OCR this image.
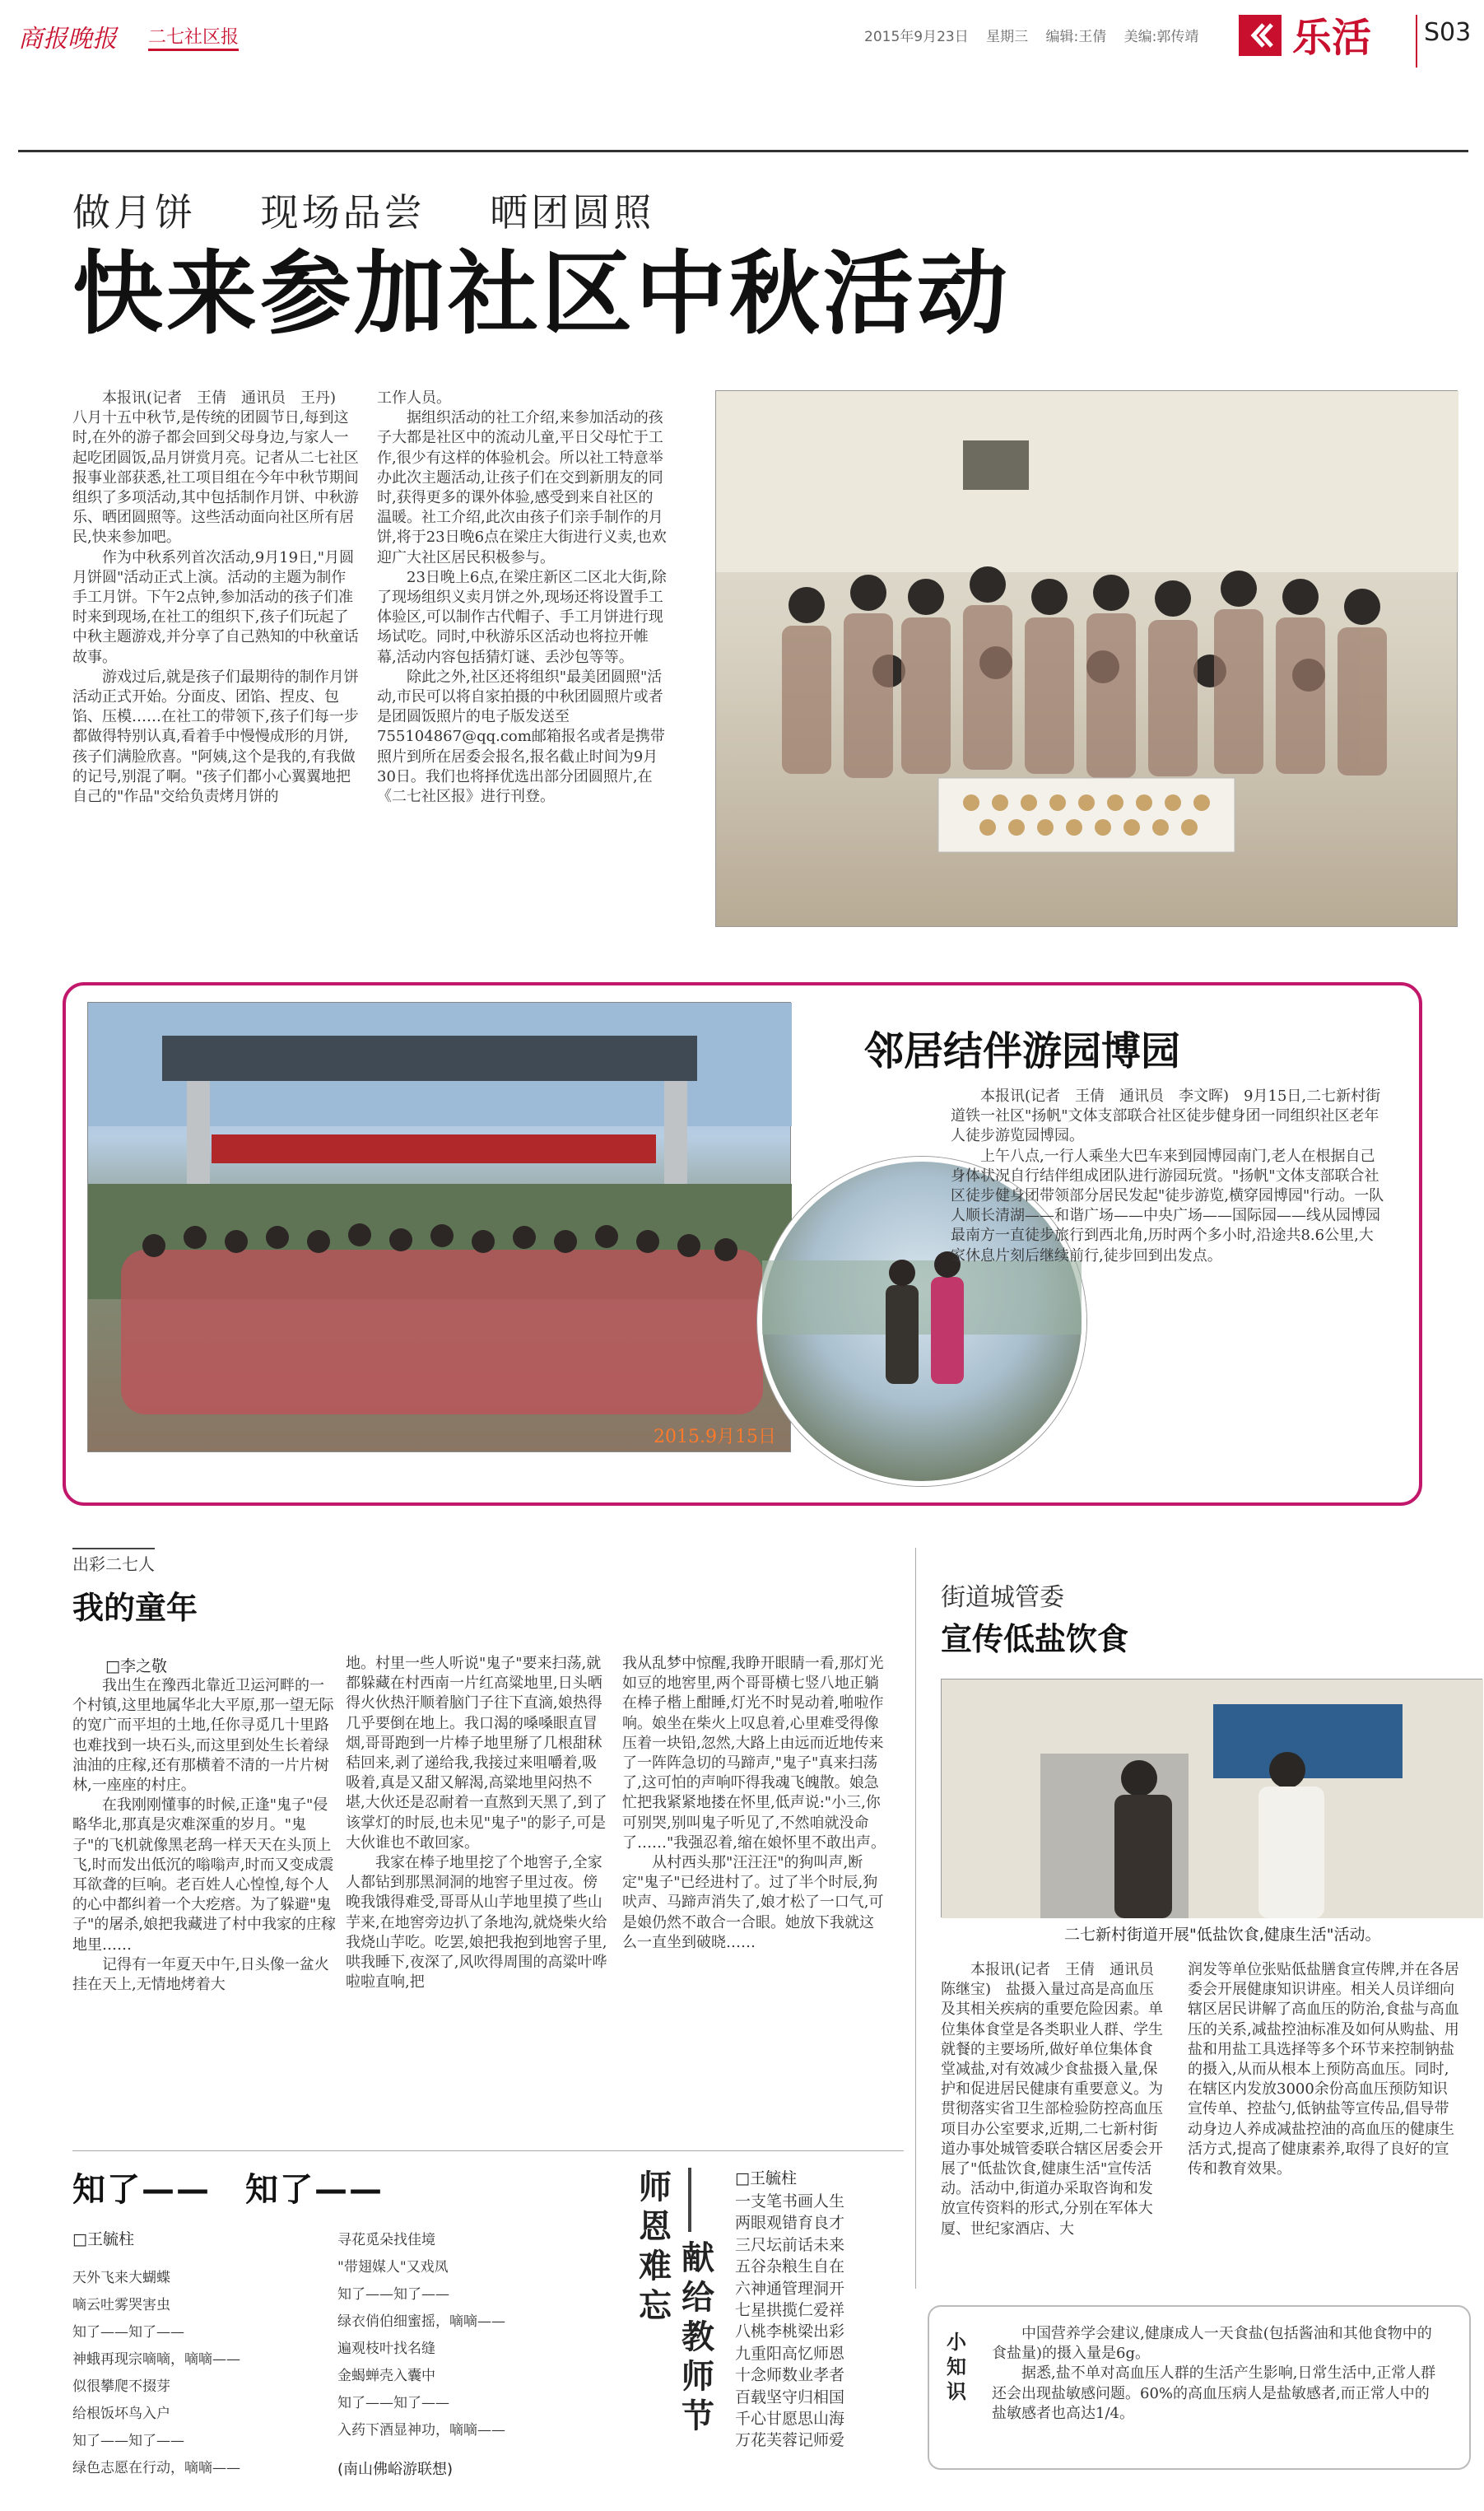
商报晚报 二七社区报	2015年9月23日 星期三 编辑:王倩 美编:郭传靖	乐活 S03
做月饼 现场品尝 晒团圆照
快来参加社区中秋活动

本报讯(记者　王倩　通讯员　王丹)　八月十五中秋节,是传统的团圆节日,每到这时,在外的游子都会回到父母身边,与家人一起吃团圆饭,品月饼赏月亮。记者从二七社区报事业部获悉,社工项目组在今年中秋节期间组织了多项活动,其中包括制作月饼、中秋游乐、晒团圆照等。这些活动面向社区所有居民,快来参加吧。

作为中秋系列首次活动,9月19日,"月圆月饼圆"活动正式上演。活动的主题为制作手工月饼。下午2点钟,参加活动的孩子们准时来到现场,在社工的组织下,孩子们玩起了中秋主题游戏,并分享了自己熟知的中秋童话故事。

游戏过后,就是孩子们最期待的制作月饼活动正式开始。分面皮、团馅、捏皮、包馅、压模……在社工的带领下,孩子们每一步都做得特别认真,看着手中慢慢成形的月饼,孩子们满脸欣喜。"阿姨,这个是我的,有我做的记号,别混了啊。"孩子们都小心翼翼地把自己的"作品"交给负责烤月饼的

工作人员。

据组织活动的社工介绍,来参加活动的孩子大都是社区中的流动儿童,平日父母忙于工作,很少有这样的体验机会。所以社工特意举办此次主题活动,让孩子们在交到新朋友的同时,获得更多的课外体验,感受到来自社区的温暖。社工介绍,此次由孩子们亲手制作的月饼,将于23日晚6点在梁庄大街进行义卖,也欢迎广大社区居民积极参与。

23日晚上6点,在梁庄新区二区北大街,除了现场组织义卖月饼之外,现场还将设置手工体验区,可以制作古代帽子、手工月饼进行现场试吃。同时,中秋游乐区活动也将拉开帷幕,活动内容包括猜灯谜、丢沙包等等。

除此之外,社区还将组织"最美团圆照"活动,市民可以将自家拍摄的中秋团圆照片或者是团圆饭照片的电子版发送至755104867@qq.com邮箱报名或者是携带照片到所在居委会报名,报名截止时间为9月30日。我们也将择优选出部分团圆照片,在《二七社区报》进行刊登。

2015.9月15日
邻居结伴游园博园

本报讯(记者　王倩　通讯员　李文晖)　9月15日,二七新村街道铁一社区"扬帆"文体支部联合社区徒步健身团一同组织社区老年人徒步游览园博园。

上午八点,一行人乘坐大巴车来到园博园南门,老人在根据自己身体状况自行结伴组成团队进行游园玩赏。"扬帆"文体支部联合社区徒步健身团带领部分居民发起"徒步游览,横穿园博园"行动。一队人顺长清湖——和谐广场——中央广场——国际园——线从园博园最南方一直徒步旅行到西北角,历时两个多小时,沿途共8.6公里,大家休息片刻后继续前行,徒步回到出发点。

出彩二七人
我的童年
□李之敬

我出生在豫西北靠近卫运河畔的一个村镇,这里地属华北大平原,那一望无际的宽广而平坦的土地,任你寻觅几十里路也难找到一块石头,而这里到处生长着绿油油的庄稼,还有那横着不清的一片片树林,一座座的村庄。

在我刚刚懂事的时候,正逢"鬼子"侵略华北,那真是灾难深重的岁月。"鬼子"的飞机就像黑老鸹一样天天在头顶上飞,时而发出低沉的嗡嗡声,时而又变成震耳欲聋的巨响。老百姓人心惶惶,每个人的心中都纠着一个大疙瘩。为了躲避"鬼子"的屠杀,娘把我藏进了村中我家的庄稼地里……

记得有一年夏天中午,日头像一盆火挂在天上,无情地烤着大

地。村里一些人听说"鬼子"要来扫荡,就都躲藏在村西南一片红高粱地里,日头晒得火伙热汗顺着脑门子往下直滴,娘热得几乎要倒在地上。我口渴的嗓嗓眼直冒烟,哥哥跑到一片棒子地里掰了几根甜秫秸回来,剥了递给我,我接过来咀嚼着,吸吸着,真是又甜又解渴,高粱地里闷热不堪,大伙还是忍耐着一直熬到天黑了,到了该掌灯的时辰,也未见"鬼子"的影子,可是大伙谁也不敢回家。

我家在棒子地里挖了个地窖子,全家人都钻到那黑洞洞的地窖子里过夜。傍晚我饿得难受,哥哥从山芋地里摸了些山芋来,在地窖旁边扒了条地沟,就烧柴火给我烧山芋吃。吃罢,娘把我抱到地窖子里,哄我睡下,夜深了,风吹得周围的高粱叶哗啦啦直响,把

我从乱梦中惊醒,我睁开眼睛一看,那灯光如豆的地窖里,两个哥哥横七竖八地正躺在棒子楷上酣睡,灯光不时晃动着,啪啦作响。娘坐在柴火上叹息着,心里难受得像压着一块铅,忽然,大路上由远而近地传来了一阵阵急切的马蹄声,"鬼子"真来扫荡了,这可怕的声响吓得我魂飞魄散。娘急忙把我紧紧地搂在怀里,低声说:"小三,你可别哭,别叫鬼子听见了,不然咱就没命了……"我强忍着,缩在娘怀里不敢出声。

从村西头那"汪汪汪"的狗叫声,断定"鬼子"已经进村了。过了半个时辰,狗吠声、马蹄声消失了,娘才松了一口气,可是娘仍然不敢合一合眼。她放下我就这么一直坐到破晓……

街道城管委
宣传低盐饮食
二七新村街道开展"低盐饮食,健康生活"活动。

本报讯(记者　王倩　通讯员　陈继宝)　盐摄入量过高是高血压及其相关疾病的重要危险因素。单位集体食堂是各类职业人群、学生就餐的主要场所,做好单位集体食堂减盐,对有效减少食盐摄入量,保护和促进居民健康有重要意义。为贯彻落实省卫生部检验防控高血压项目办公室要求,近期,二七新村街道办事处城管委联合辖区居委会开展了"低盐饮食,健康生活"宣传活动。活动中,街道办采取咨询和发放宣传资料的形式,分别在军体大厦、世纪家酒店、大

润发等单位张贴低盐膳食宣传牌,并在各居委会开展健康知识讲座。相关人员详细向辖区居民讲解了高血压的防治,食盐与高血压的关系,减盐控油标准及如何从购盐、用盐和用盐工具选择等多个环节来控制钠盐的摄入,从而从根本上预防高血压。同时,在辖区内发放3000余份高血压预防知识宣传单、控盐勺,低钠盐等宣传品,倡导带动身边人养成减盐控油的高血压的健康生活方式,提高了健康素养,取得了良好的宣传和教育效果。

小知识

中国营养学会建议,健康成人一天食盐(包括酱油和其他食物中的食盐量)的摄入量是6g。

据悉,盐不单对高血压人群的生活产生影响,日常生活中,正常人群还会出现盐敏感问题。60%的高血压病人是盐敏感者,而正常人中的盐敏感者也高达1/4。

知了——　知了——
□王毓柱
天外飞来大蝴蝶
嘀云吐雾哭害虫
知了——知了——
神蛾再现宗嘀嘀，嘀嘀——
似很攀爬不掇芽
给根饭坏鸟入户
知了——知了——
绿色志愿在行动，嘀嘀——
寻花觅朵找佳境
"带翅媒人"又戏凤
知了——知了——
绿衣俏伯细蜜摇，嘀嘀——
遍观枝叶找名缝
金蝎蝉壳入囊中
知了——知了——
入药下酒显神功，嘀嘀——
(南山佛峪游联想)
师恩难忘
献给教师节
□王毓柱
一支笔书画人生
两眼观错育良才
三尺坛前话未来
五谷杂粮生自在
六神通管理洞开
七星拱揽仁爱祥
八桃李桃梁出彩
九重阳高忆师恩
十念师数业孝者
百载坚守归相国
千心甘愿思山海
万花芙蓉记师爱
